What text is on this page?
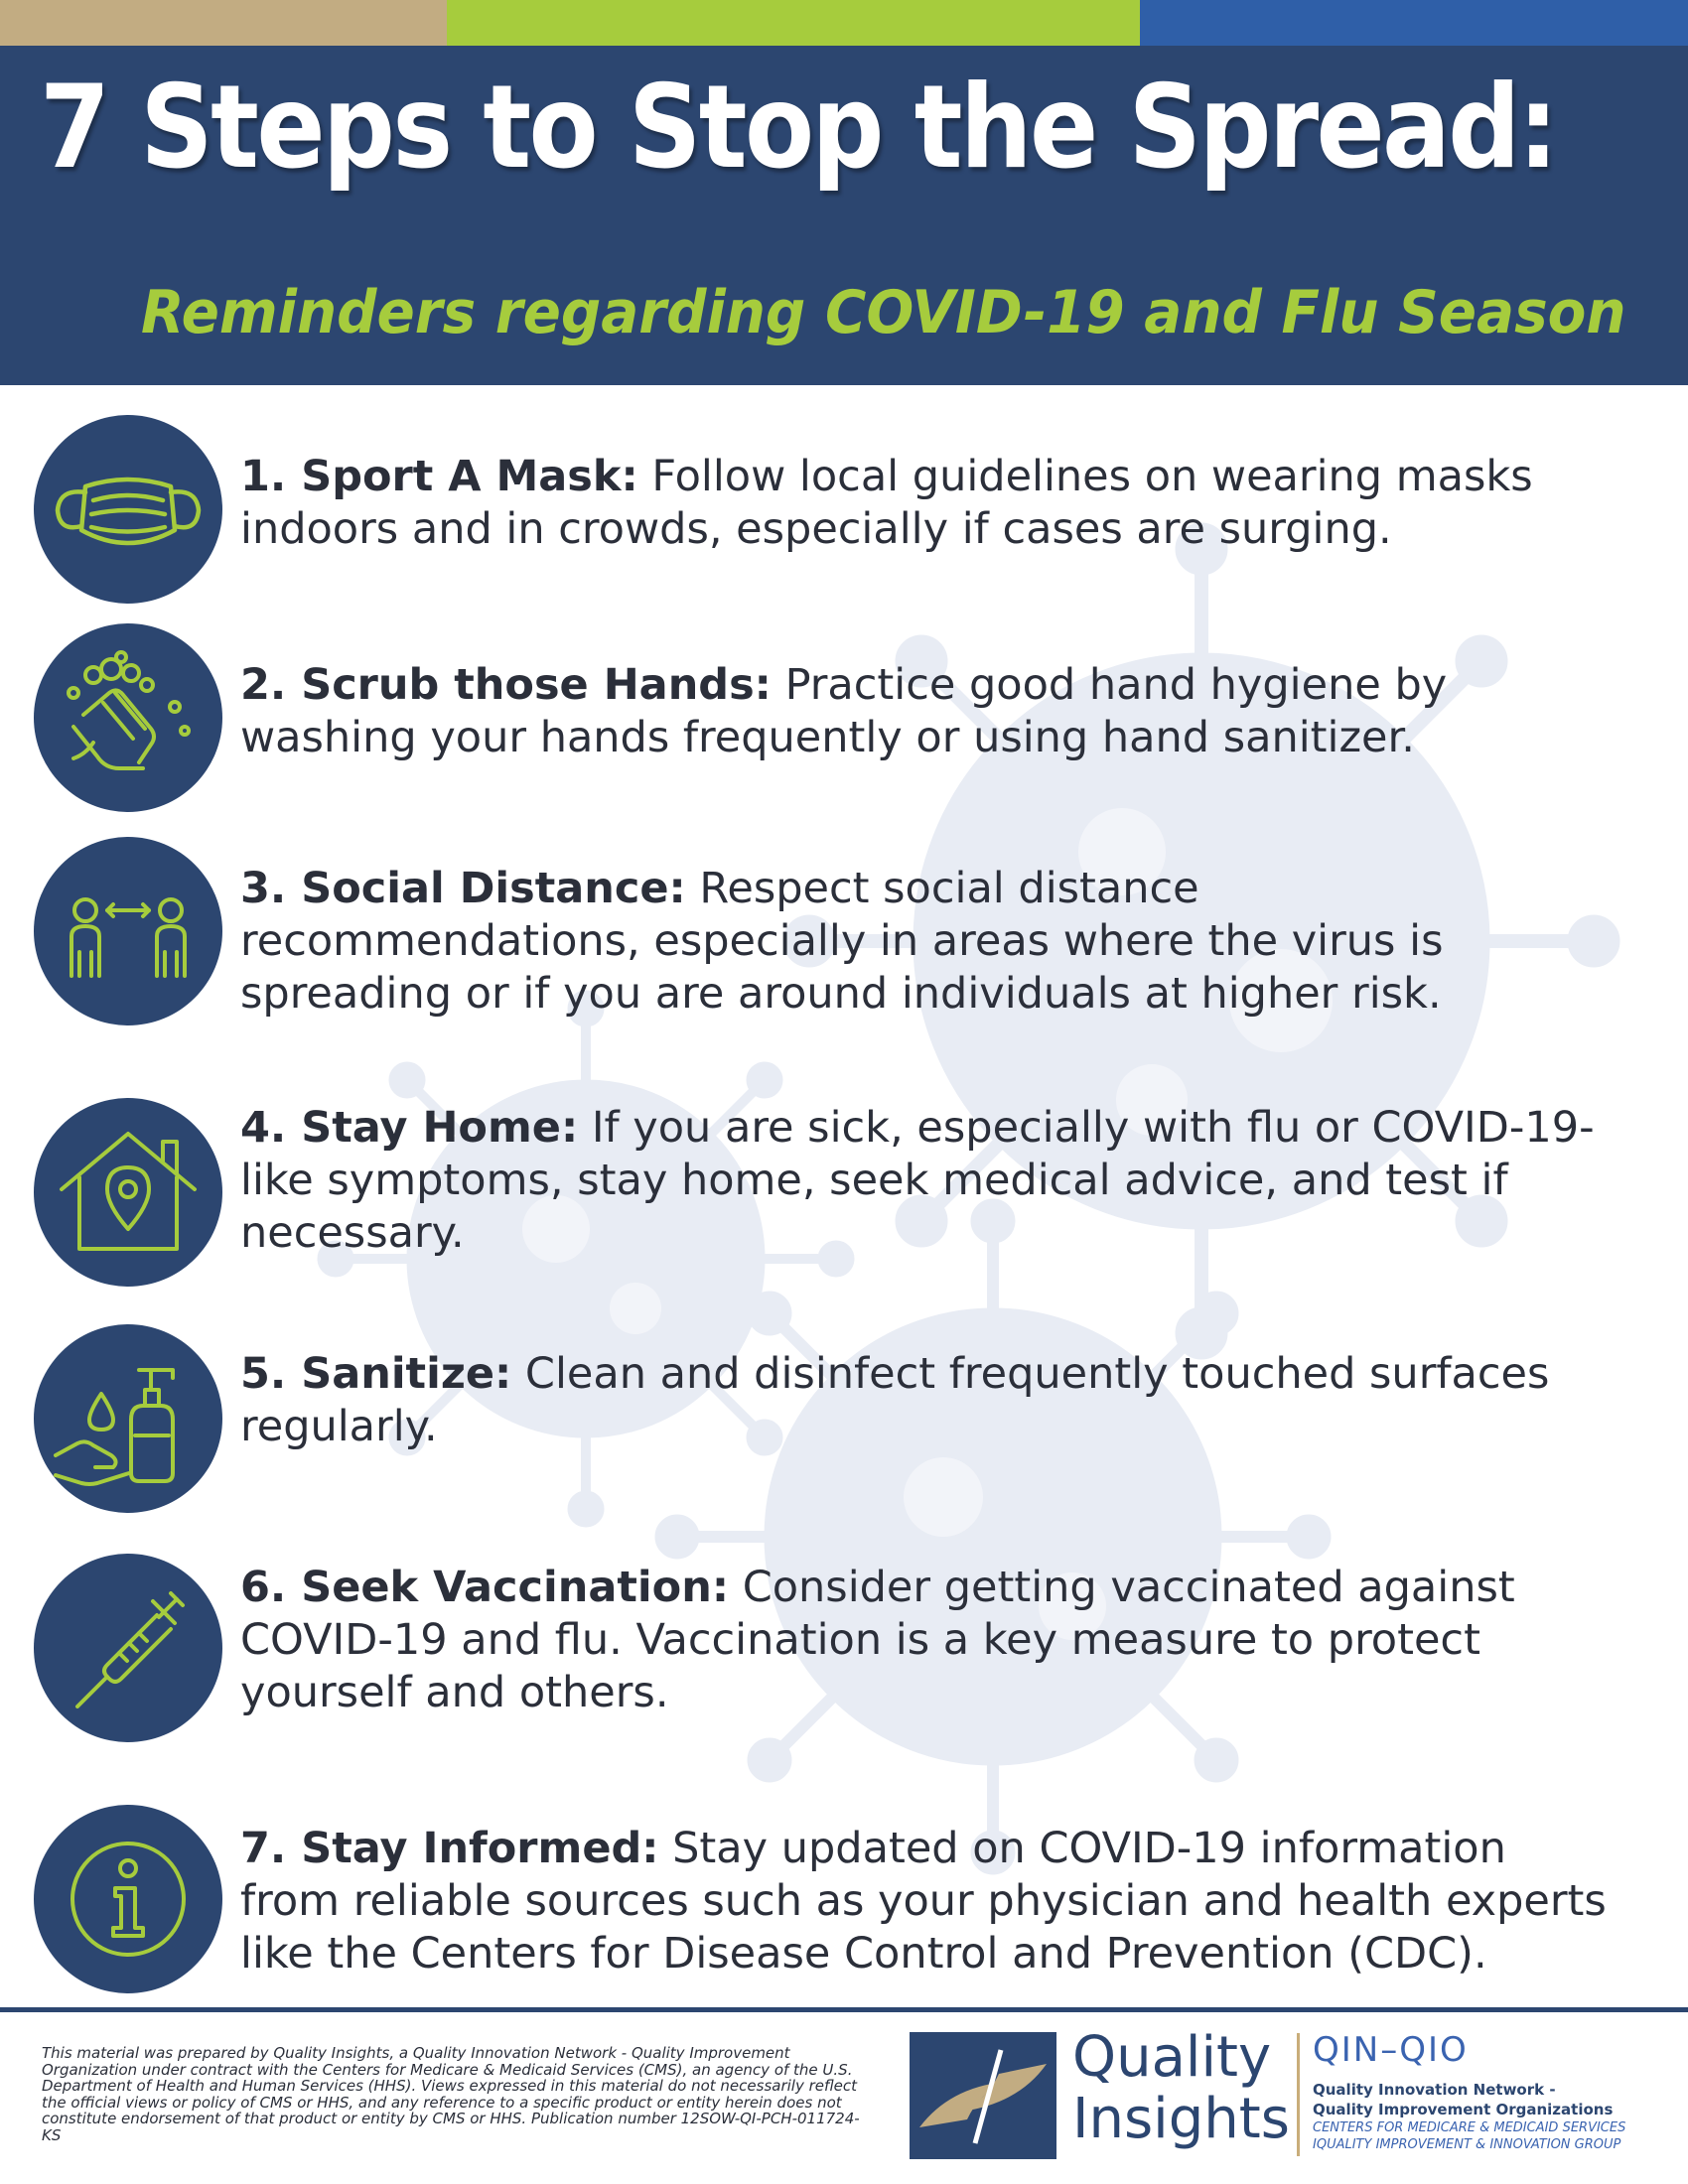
7 Steps to Stop the Spread:
Reminders regarding COVID-19 and Flu Season

1. Sport A Mask: Follow local guidelines on wearing masks indoors and in crowds, especially if cases are surging.

2. Scrub those Hands: Practice good hand hygiene by washing your hands frequently or using hand sanitizer.

3. Social Distance: Respect social distance recommendations, especially in areas where the virus is spreading or if you are around individuals at higher risk.

4. Stay Home: If you are sick, especially with flu or COVID-19-like symptoms, stay home, seek medical advice, and test if necessary.

5. Sanitize: Clean and disinfect frequently touched surfaces regularly.

6. Seek Vaccination: Consider getting vaccinated against COVID-19 and flu. Vaccination is a key measure to protect yourself and others.

7. Stay Informed: Stay updated on COVID-19 information from reliable sources such as your physician and health experts like the Centers for Disease Control and Prevention (CDC).

This material was prepared by Quality Insights, a Quality Innovation Network - Quality Improvement Organization under contract with the Centers for Medicare & Medicaid Services (CMS), an agency of the U.S. Department of Health and Human Services (HHS). Views expressed in this material do not necessarily reflect the official views or policy of CMS or HHS, and any reference to a specific product or entity herein does not constitute endorsement of that product or entity by CMS or HHS. Publication number 12SOW-QI-PCH-011724-KS

Quality
Insights

QIN–QIO

Quality Innovation Network -

Quality Improvement Organizations

CENTERS FOR MEDICARE & MEDICAID SERVICES

IQUALITY IMPROVEMENT & INNOVATION GROUP
